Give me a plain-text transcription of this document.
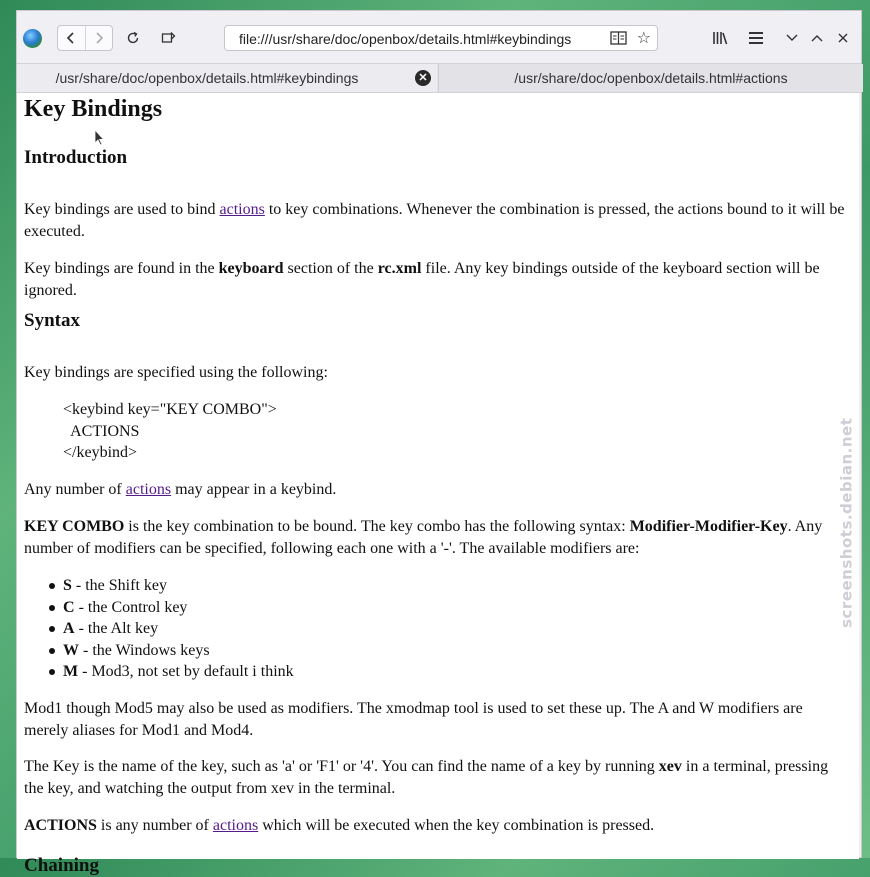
file:///usr/share/doc/openbox/details.html#keybindings	☆
/usr/share/doc/openbox/details.html#keybindings	✕	/usr/share/doc/openbox/details.html#actions
Key Bindings
Introduction

Key bindings are used to bind actions to key combinations. Whenever the combination is pressed, the actions bound to it will be executed.

Key bindings are found in the keyboard section of the rc.xml file. Any key bindings outside of the keyboard section will be ignored.

Syntax

Key bindings are specified using the following:

<keybind key="KEY COMBO">
ACTIONS
</keybind>

Any number of actions may appear in a keybind.

KEY COMBO is the key combination to be bound. The key combo has the following syntax: Modifier-Modifier-Key. Any number of modifiers can be specified, following each one with a '-'. The available modifiers are:

S - the Shift key
C - the Control key
A - the Alt key
W - the Windows keys
M - Mod3, not set by default i think

Mod1 though Mod5 may also be used as modifiers. The xmodmap tool is used to set these up. The A and W modifiers are merely aliases for Mod1 and Mod4.

The Key is the name of the key, such as 'a' or 'F1' or '4'. You can find the name of a key by running xev in a terminal, pressing the key, and watching the output from xev in the terminal.

ACTIONS is any number of actions which will be executed when the key combination is pressed.

Chaining
screenshots.debian.net
